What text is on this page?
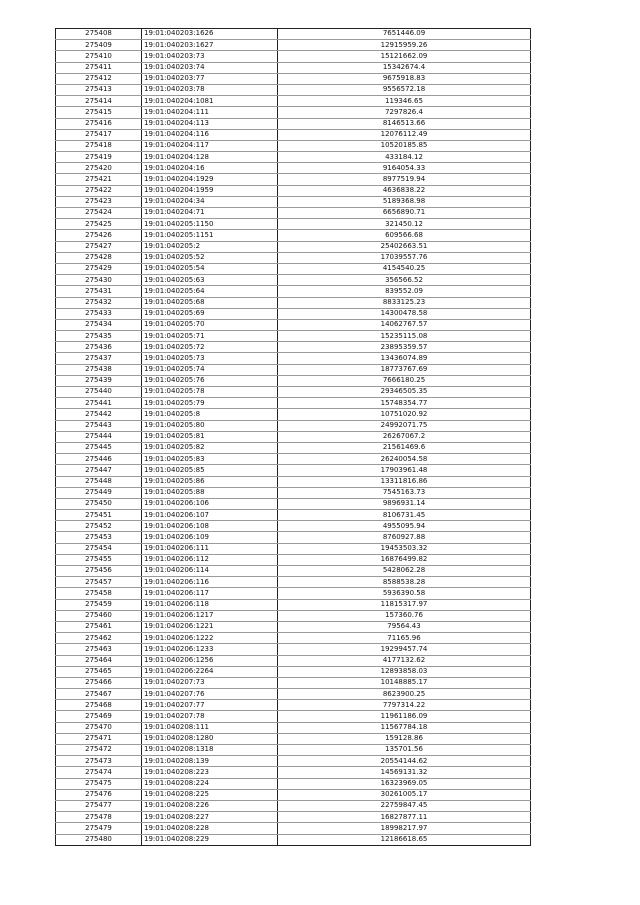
275408	19:01:040203:1626	7651446.09
275409	19:01:040203:1627	12915959.26
275410	19:01:040203:73	15121662.09
275411	19:01:040203:74	15342674.4
275412	19:01:040203:77	9675918.83
275413	19:01:040203:78	9556572.18
275414	19:01:040204:1081	119346.65
275415	19:01:040204:111	7297826.4
275416	19:01:040204:113	8146513.66
275417	19:01:040204:116	12076112.49
275418	19:01:040204:117	10520185.85
275419	19:01:040204:128	433184.12
275420	19:01:040204:16	9164054.33
275421	19:01:040204:1929	8977519.94
275422	19:01:040204:1959	4636838.22
275423	19:01:040204:34	5189368.98
275424	19:01:040204:71	6656890.71
275425	19:01:040205:1150	321450.12
275426	19:01:040205:1151	609566.68
275427	19:01:040205:2	25402663.51
275428	19:01:040205:52	17039557.76
275429	19:01:040205:54	4154540.25
275430	19:01:040205:63	356566.52
275431	19:01:040205:64	839552.09
275432	19:01:040205:68	8833125.23
275433	19:01:040205:69	14300478.58
275434	19:01:040205:70	14062767.57
275435	19:01:040205:71	15235115.08
275436	19:01:040205:72	23895359.57
275437	19:01:040205:73	13436074.89
275438	19:01:040205:74	18773767.69
275439	19:01:040205:76	7666180.25
275440	19:01:040205:78	29346505.35
275441	19:01:040205:79	15748354.77
275442	19:01:040205:8	10751020.92
275443	19:01:040205:80	24992071.75
275444	19:01:040205:81	26267067.2
275445	19:01:040205:82	21561469.6
275446	19:01:040205:83	26240054.58
275447	19:01:040205:85	17903961.48
275448	19:01:040205:86	13311816.86
275449	19:01:040205:88	7545163.73
275450	19:01:040206:106	9896931.14
275451	19:01:040206:107	8106731.45
275452	19:01:040206:108	4955095.94
275453	19:01:040206:109	8760927.88
275454	19:01:040206:111	19453503.32
275455	19:01:040206:112	16876499.82
275456	19:01:040206:114	5428062.28
275457	19:01:040206:116	8588538.28
275458	19:01:040206:117	5936390.58
275459	19:01:040206:118	11815317.97
275460	19:01:040206:1217	157360.76
275461	19:01:040206:1221	79564.43
275462	19:01:040206:1222	71165.96
275463	19:01:040206:1233	19299457.74
275464	19:01:040206:1256	4177132.62
275465	19:01:040206:2264	12893858.03
275466	19:01:040207:73	10148885.17
275467	19:01:040207:76	8623900.25
275468	19:01:040207:77	7797314.22
275469	19:01:040207:78	11961186.09
275470	19:01:040208:111	11567784.18
275471	19:01:040208:1280	159128.86
275472	19:01:040208:1318	135701.56
275473	19:01:040208:139	20554144.62
275474	19:01:040208:223	14569131.32
275475	19:01:040208:224	16323969.05
275476	19:01:040208:225	30261005.17
275477	19:01:040208:226	22759847.45
275478	19:01:040208:227	16827877.11
275479	19:01:040208:228	18998217.97
275480	19:01:040208:229	12186618.65
